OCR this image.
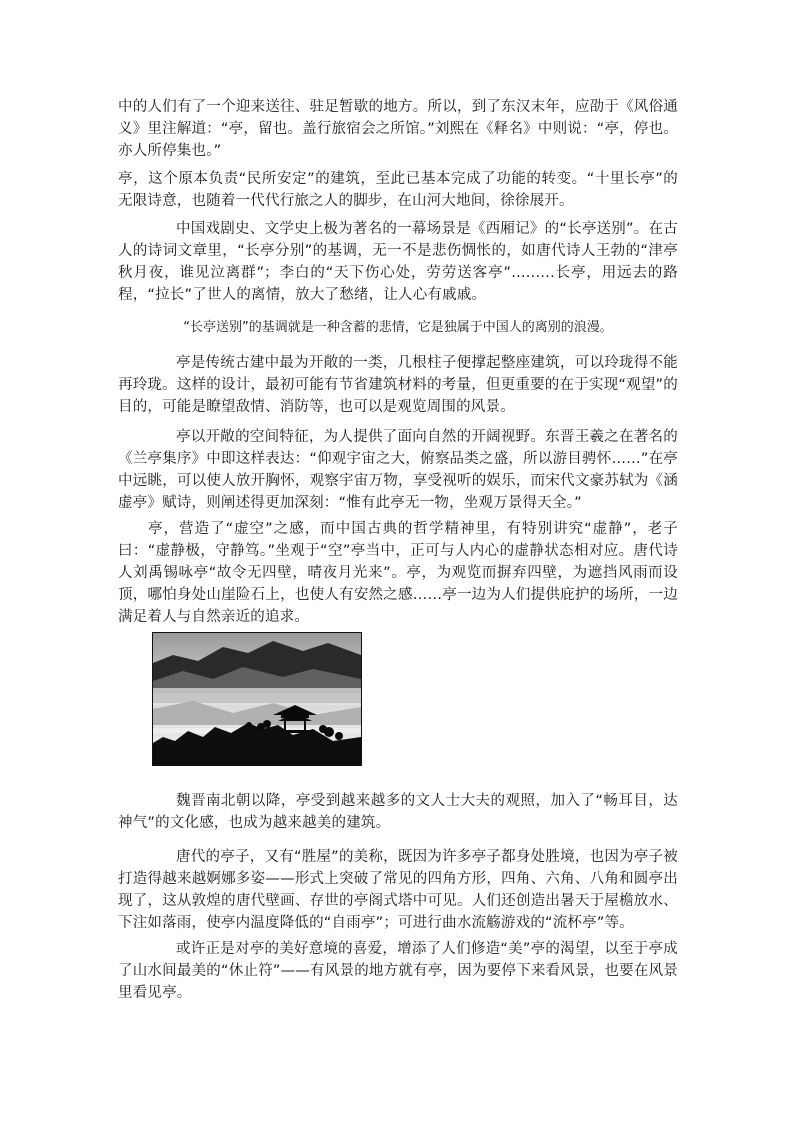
中的人们有了一个迎来送往、驻足暂歇的地方。所以，到了东汉末年，应劭于《风俗通义》里注解道：“亭，留也。盖行旅宿会之所馆。”刘熙在《释名》中则说：“亭，停也。亦人所停集也。”

亭，这个原本负责“民所安定”的建筑，至此已基本完成了功能的转变。“十里长亭”的无限诗意，也随着一代代行旅之人的脚步，在山河大地间，徐徐展开。

中国戏剧史、文学史上极为著名的一幕场景是《西厢记》的“长亭送别”。在古人的诗词文章里，“长亭分别”的基调，无一不是悲伤惆怅的，如唐代诗人王勃的“津亭秋月夜，谁见泣离群”；李白的“天下伤心处，劳劳送客亭”…..….长亭，用远去的路程，“拉长”了世人的离情，放大了愁绪，让人心有戚戚。

“长亭送别”的基调就是一种含蓄的悲情，它是独属于中国人的离别的浪漫。

亭是传统古建中最为开敞的一类，几根柱子便撑起整座建筑，可以玲珑得不能再玲珑。这样的设计，最初可能有节省建筑材料的考量，但更重要的在于实现“观望”的目的，可能是瞭望敌情、消防等，也可以是观览周围的风景。

亭以开敞的空间特征，为人提供了面向自然的开阔视野。东晋王羲之在著名的《兰亭集序》中即这样表达：“仰观宇宙之大，俯察品类之盛，所以游目骋怀……”在亭中远眺，可以使人放开胸怀，观察宇宙万物，享受视听的娱乐，而宋代文豪苏轼为《涵虚亭》赋诗，则阐述得更加深刻：“惟有此亭无一物，坐观万景得天全。”

亭，营造了“虚空”之感，而中国古典的哲学精神里，有特别讲究“虚静”，老子曰：“虚静极，守静笃。”坐观于“空”亭当中，正可与人内心的虚静状态相对应。唐代诗人刘禹锡咏亭“故令无四壁，晴夜月光来”。亭，为观览而摒弃四壁，为遮挡风雨而设顶，哪怕身处山崖险石上，也使人有安然之感……亭一边为人们提供庇护的场所，一边满足着人与自然亲近的追求。

魏晋南北朝以降，亭受到越来越多的文人士大夫的观照，加入了“畅耳目，达神气”的文化感，也成为越来越美的建筑。

唐代的亭子，又有“胜屋”的美称，既因为许多亭子都身处胜境，也因为亭子被打造得越来越婀娜多姿——形式上突破了常见的四角方形，四角、六角、八角和圆亭出现了，这从敦煌的唐代壁画、存世的亭阁式塔中可见。人们还创造出暑天于屋檐放水、下注如落雨，使亭内温度降低的“自雨亭”；可进行曲水流觞游戏的“流杯亭”等。

或许正是对亭的美好意境的喜爱，增添了人们修造“美”亭的渴望，以至于亭成了山水间最美的“休止符”——有风景的地方就有亭，因为要停下来看风景，也要在风景里看见亭。
